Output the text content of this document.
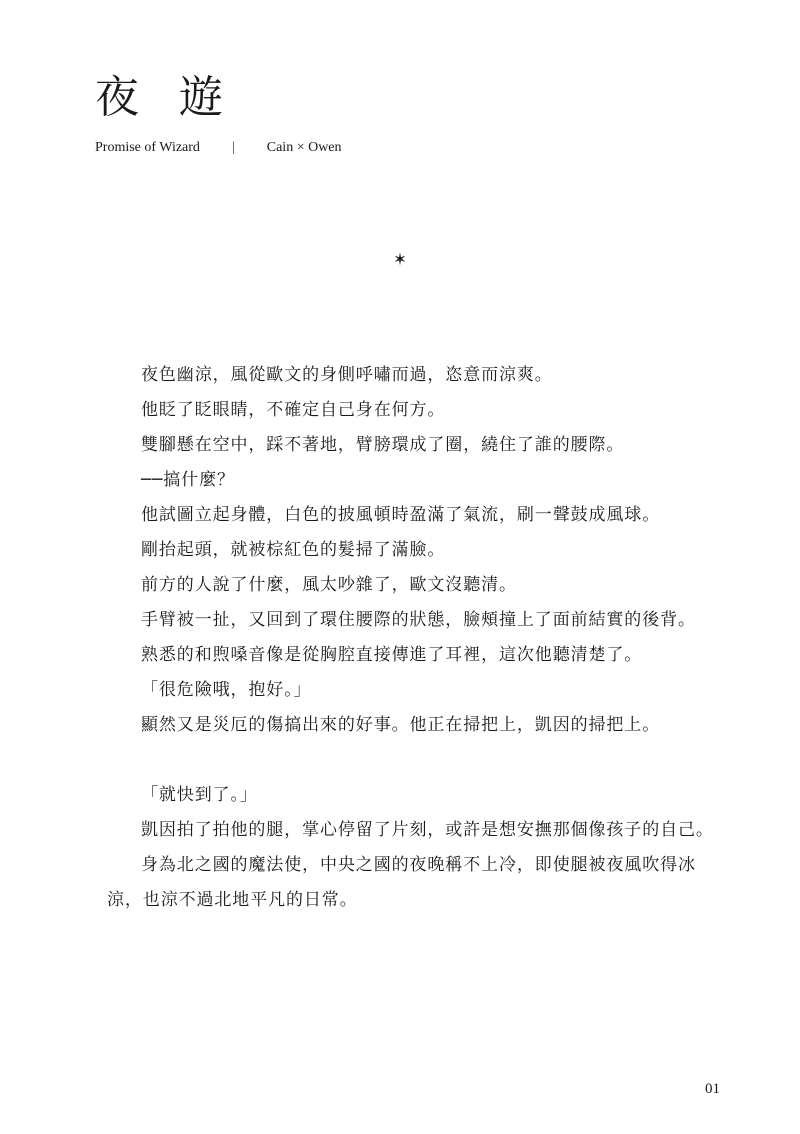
夜 遊
Promise of Wizard | Cain × Owen
✶

夜色幽涼，風從歐文的身側呼嘯而過，恣意而涼爽。

他眨了眨眼睛，不確定自己身在何方。

雙腳懸在空中，踩不著地，臂膀環成了圈，繞住了誰的腰際。

──搞什麼？

他試圖立起身體，白色的披風頓時盈滿了氣流，刷一聲鼓成風球。

剛抬起頭，就被棕紅色的髮掃了滿臉。

前方的人說了什麼，風太吵雜了，歐文沒聽清。

手臂被一扯，又回到了環住腰際的狀態，臉頰撞上了面前結實的後背。

熟悉的和煦嗓音像是從胸腔直接傳進了耳裡，這次他聽清楚了。

「很危險哦，抱好。」

顯然又是災厄的傷搞出來的好事。他正在掃把上，凱因的掃把上。

「就快到了。」

凱因拍了拍他的腿，掌心停留了片刻，或許是想安撫那個像孩子的自己。

身為北之國的魔法使，中央之國的夜晚稱不上冷，即使腿被夜風吹得冰涼，也涼不過北地平凡的日常。

01
